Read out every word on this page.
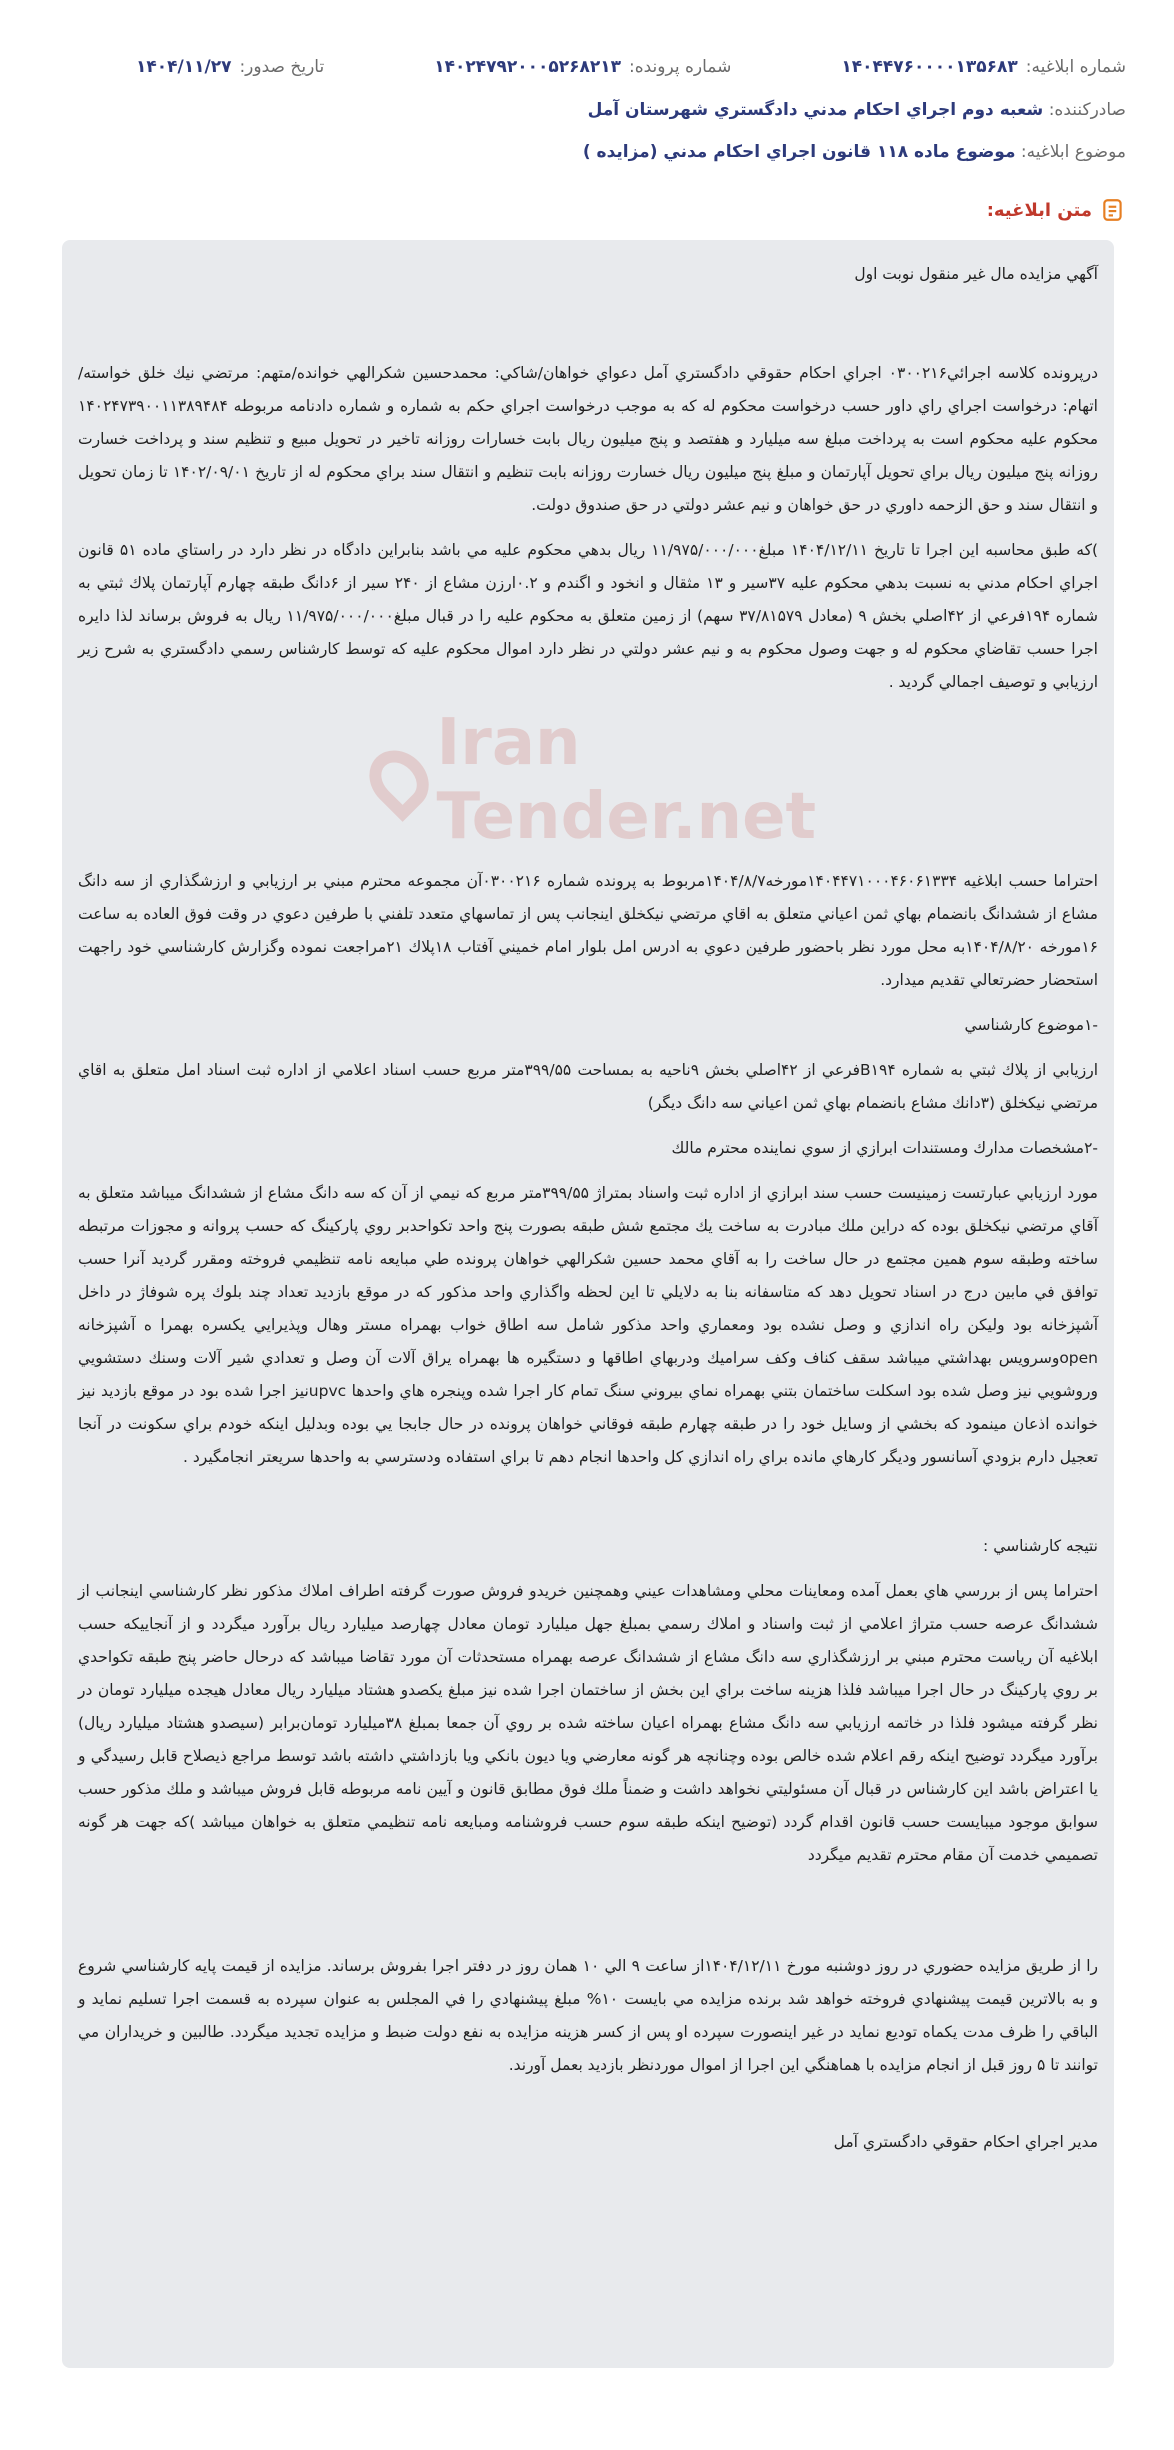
شماره ابلاغيه:
۱۴۰۴۴۷۶۰۰۰۰۱۳۵۶۸۳
شماره پرونده:
۱۴۰۲۴۷۹۲۰۰۰۵۲۶۸۲۱۳
تاريخ صدور:
۱۴۰۴/۱۱/۲۷
صادرکننده: شعبه دوم اجراي احكام مدني دادگستري شهرستان آمل
موضوع ابلاغيه: موضوع ماده ۱۱۸ قانون اجراي احكام مدني (مزايده )
متن ابلاغيه:
Iran Tender.net

آگهي مزايده مال غير منقول نوبت اول

درپرونده كلاسه اجرائي۰۳۰۰۲۱۶ اجراي احكام حقوقي دادگستري آمل دعواي خواهان/شاكي: محمدحسين شكرالهي خوانده/متهم: مرتضي نيك خلق خواسته/اتهام: درخواست اجراي راي داور حسب درخواست محكوم له كه به موجب درخواست اجراي حكم به شماره و شماره دادنامه مربوطه ۱۴۰۲۴۷۳۹۰۰۱۱۳۸۹۴۸۴ محكوم عليه محكوم است به پرداخت مبلغ سه ميليارد و هفتصد و پنج ميليون ريال بابت خسارات روزانه تاخير در تحويل مبيع و تنظيم سند و پرداخت خسارت روزانه پنج ميليون ريال براي تحويل آپارتمان و مبلغ پنج ميليون ريال خسارت روزانه بابت تنظيم و انتقال سند براي محكوم له از تاريخ ۱۴۰۲/۰۹/۰۱ تا زمان تحويل و انتقال سند و حق الزحمه داوري در حق خواهان و نيم عشر دولتي در حق صندوق دولت.

)كه طبق محاسبه اين اجرا تا تاريخ ۱۴۰۴/۱۲/۱۱ مبلغ۱۱/۹۷۵/۰۰۰/۰۰۰ ريال بدهي محكوم عليه مي باشد بنابراين دادگاه در نظر دارد در راستاي ماده ۵۱ قانون اجراي احكام مدني به نسبت بدهي محكوم عليه ۳۷سير و ۱۳ مثقال و انخود و اگندم و ۰.۲ارزن مشاع از ۲۴۰ سير از ۶دانگ طبقه چهارم آپارتمان پلاك ثبتي به شماره ۱۹۴فرعي از ۴۲اصلي بخش ۹ (معادل ۳۷/۸۱۵۷۹ سهم) از زمين متعلق به محكوم عليه را در قبال مبلغ۱۱/۹۷۵/۰۰۰/۰۰۰ ريال به فروش برساند لذا دايره اجرا حسب تقاضاي محكوم له و جهت وصول محكوم به و نيم عشر دولتي در نظر دارد اموال محكوم عليه كه توسط كارشناس رسمي دادگستري به شرح زير ارزيابي و توصيف اجمالي گرديد .

احتراما حسب ابلاغيه ۱۴۰۴۴۷۱۰۰۰۴۶۰۶۱۳۳۴مورخه۱۴۰۴/۸/۷مربوط به پرونده شماره ۰۳۰۰۲۱۶آن مجموعه محترم مبني بر ارزيابي و ارزشگذاري از سه دانگ مشاع از ششدانگ بانضمام بهاي ثمن اعياني متعلق به اقاي مرتضي نيكخلق اينجانب پس از تماسهاي متعدد تلفني با طرفين دعوي در وقت فوق العاده به ساعت ۱۶مورخه ۱۴۰۴/۸/۲۰به محل مورد نظر باحضور طرفين دعوي به ادرس امل بلوار امام خميني آفتاب ۱۸پلاك ۲۱مراجعت نموده وگزارش كارشناسي خود راجهت استحضار حضرتعالي تقديم ميدارد.

-۱موضوع كارشناسي

ارزيابي از پلاك ثبتي به شماره B۱۹۴فرعي از ۴۲اصلي بخش ۹ناحيه به بمساحت ۳۹۹/۵۵متر مربع حسب اسناد اعلامي از اداره ثبت اسناد امل متعلق به اقاي مرتضي نيكخلق (۳دانك مشاع بانضمام بهاي ثمن اعياني سه دانگ ديگر)

-۲مشخصات مدارك ومستندات ابرازي از سوي نماينده محترم مالك

مورد ارزيابي عبارتست زمينيست حسب سند ابرازي از اداره ثبت واسناد بمتراژ ۳۹۹/۵۵متر مربع كه نيمي از آن كه سه دانگ مشاع از ششدانگ ميباشد متعلق به آقاي مرتضي نيكخلق بوده كه دراين ملك مبادرت به ساخت يك مجتمع شش طبقه بصورت پنج واحد تكواحدبر روي پاركينگ كه حسب پروانه و مجوزات مرتبطه ساخته وطبقه سوم همين مجتمع در حال ساخت را به آقاي محمد حسين شكرالهي خواهان پرونده طي مبايعه نامه تنظيمي فروخته ومقرر گرديد آنرا حسب توافق في مابين درج در اسناد تحويل دهد كه متاسفانه بنا به دلايلي تا اين لحظه واگذاري واحد مذكور كه در موقع بازديد تعداد چند بلوك پره شوفاژ در داخل آشپزخانه بود وليكن راه اندازي و وصل نشده بود ومعماري واحد مذكور شامل سه اطاق خواب بهمراه مستر وهال وپذيرايي يكسره بهمرا ه آشپزخانه openوسرويس بهداشتي ميباشد سقف كناف وكف سراميك ودربهاي اطاقها و دستگيره ها بهمراه يراق آلات آن وصل و تعدادي شير آلات وسنك دستشويي وروشويي نيز وصل شده بود اسكلت ساختمان بتني بهمراه نماي بيروني سنگ تمام كار اجرا شده وپنجره هاي واحدها upvcنيز اجرا شده بود در موقع بازديد نيز خوانده اذعان مينمود كه بخشي از وسايل خود را در طبقه چهارم طبقه فوقاني خواهان پرونده در حال جابجا يي بوده وبدليل اينكه خودم براي سكونت در آنجا تعجيل دارم بزودي آسانسور وديگر كارهاي مانده براي راه اندازي كل واحدها انجام دهم تا براي استفاده ودسترسي به واحدها سريعتر انجامگيرد .

نتيجه كارشناسي :

احتراما پس از بررسي هاي بعمل آمده ومعاينات محلي ومشاهدات عيني وهمچنين خريدو فروش صورت گرفته اطراف املاك مذكور نظر كارشناسي اينجانب از ششدانگ عرصه حسب متراژ اعلامي از ثبت واسناد و املاك رسمي بمبلغ جهل ميليارد تومان معادل چهارصد ميليارد ريال برآورد ميگردد و از آنجاييكه حسب ابلاغيه آن رياست محترم مبني بر ارزشگذاري سه دانگ مشاع از ششدانگ عرصه بهمراه مستحدثات آن مورد تقاضا ميباشد كه درحال حاضر پنج طبقه تكواحدي بر روي پاركينگ در حال اجرا ميباشد فلذا هزينه ساخت براي اين بخش از ساختمان اجرا شده نيز مبلغ يكصدو هشتاد ميليارد ريال معادل هيجده ميليارد تومان در نظر گرفته ميشود فلذا در خاتمه ارزيابي سه دانگ مشاع بهمراه اعيان ساخته شده بر روي آن جمعا بمبلغ ۳۸ميليارد تومان‌برابر (سيصدو هشتاد ميليارد ريال) برآورد ميگردد توضيح اينكه رقم اعلام شده خالص بوده وچنانچه هر گونه معارضي ويا ديون بانكي ويا بازداشتي داشته باشد توسط مراجع ذيصلاح قابل رسيدگي و يا اعتراض باشد اين كارشناس در قبال آن مسئوليتي نخواهد داشت و ضمناً ملك فوق مطابق قانون و آيين نامه مربوطه قابل فروش ميباشد و ملك مذكور حسب سوابق موجود ميبايست حسب قانون اقدام گردد (توضيح اينكه طبقه سوم حسب فروشنامه ومبايعه نامه تنظيمي متعلق به خواهان ميباشد )كه جهت هر گونه تصميمي خدمت آن مقام محترم تقديم ميگردد

را از طريق مزايده حضوري در روز دوشنبه مورخ ۱۴۰۴/۱۲/۱۱از ساعت ۹ الي ۱۰ همان روز در دفتر اجرا بفروش برساند. مزايده از قيمت پايه كارشناسي شروع و به بالاترين قيمت پيشنهادي فروخته خواهد شد برنده مزايده مي بايست ۱۰% مبلغ پيشنهادي را في المجلس به عنوان سپرده به قسمت اجرا تسليم نمايد و الباقي را ظرف مدت يكماه توديع نمايد در غير اينصورت سپرده او پس از كسر هزينه مزايده به نفع دولت ضبط و مزايده تجديد ميگردد. طالبين و خريداران مي توانند تا ۵ روز قبل از انجام مزايده با هماهنگي اين اجرا از اموال موردنظر بازديد بعمل آورند.

مدير اجراي احكام حقوقي دادگستري آمل
